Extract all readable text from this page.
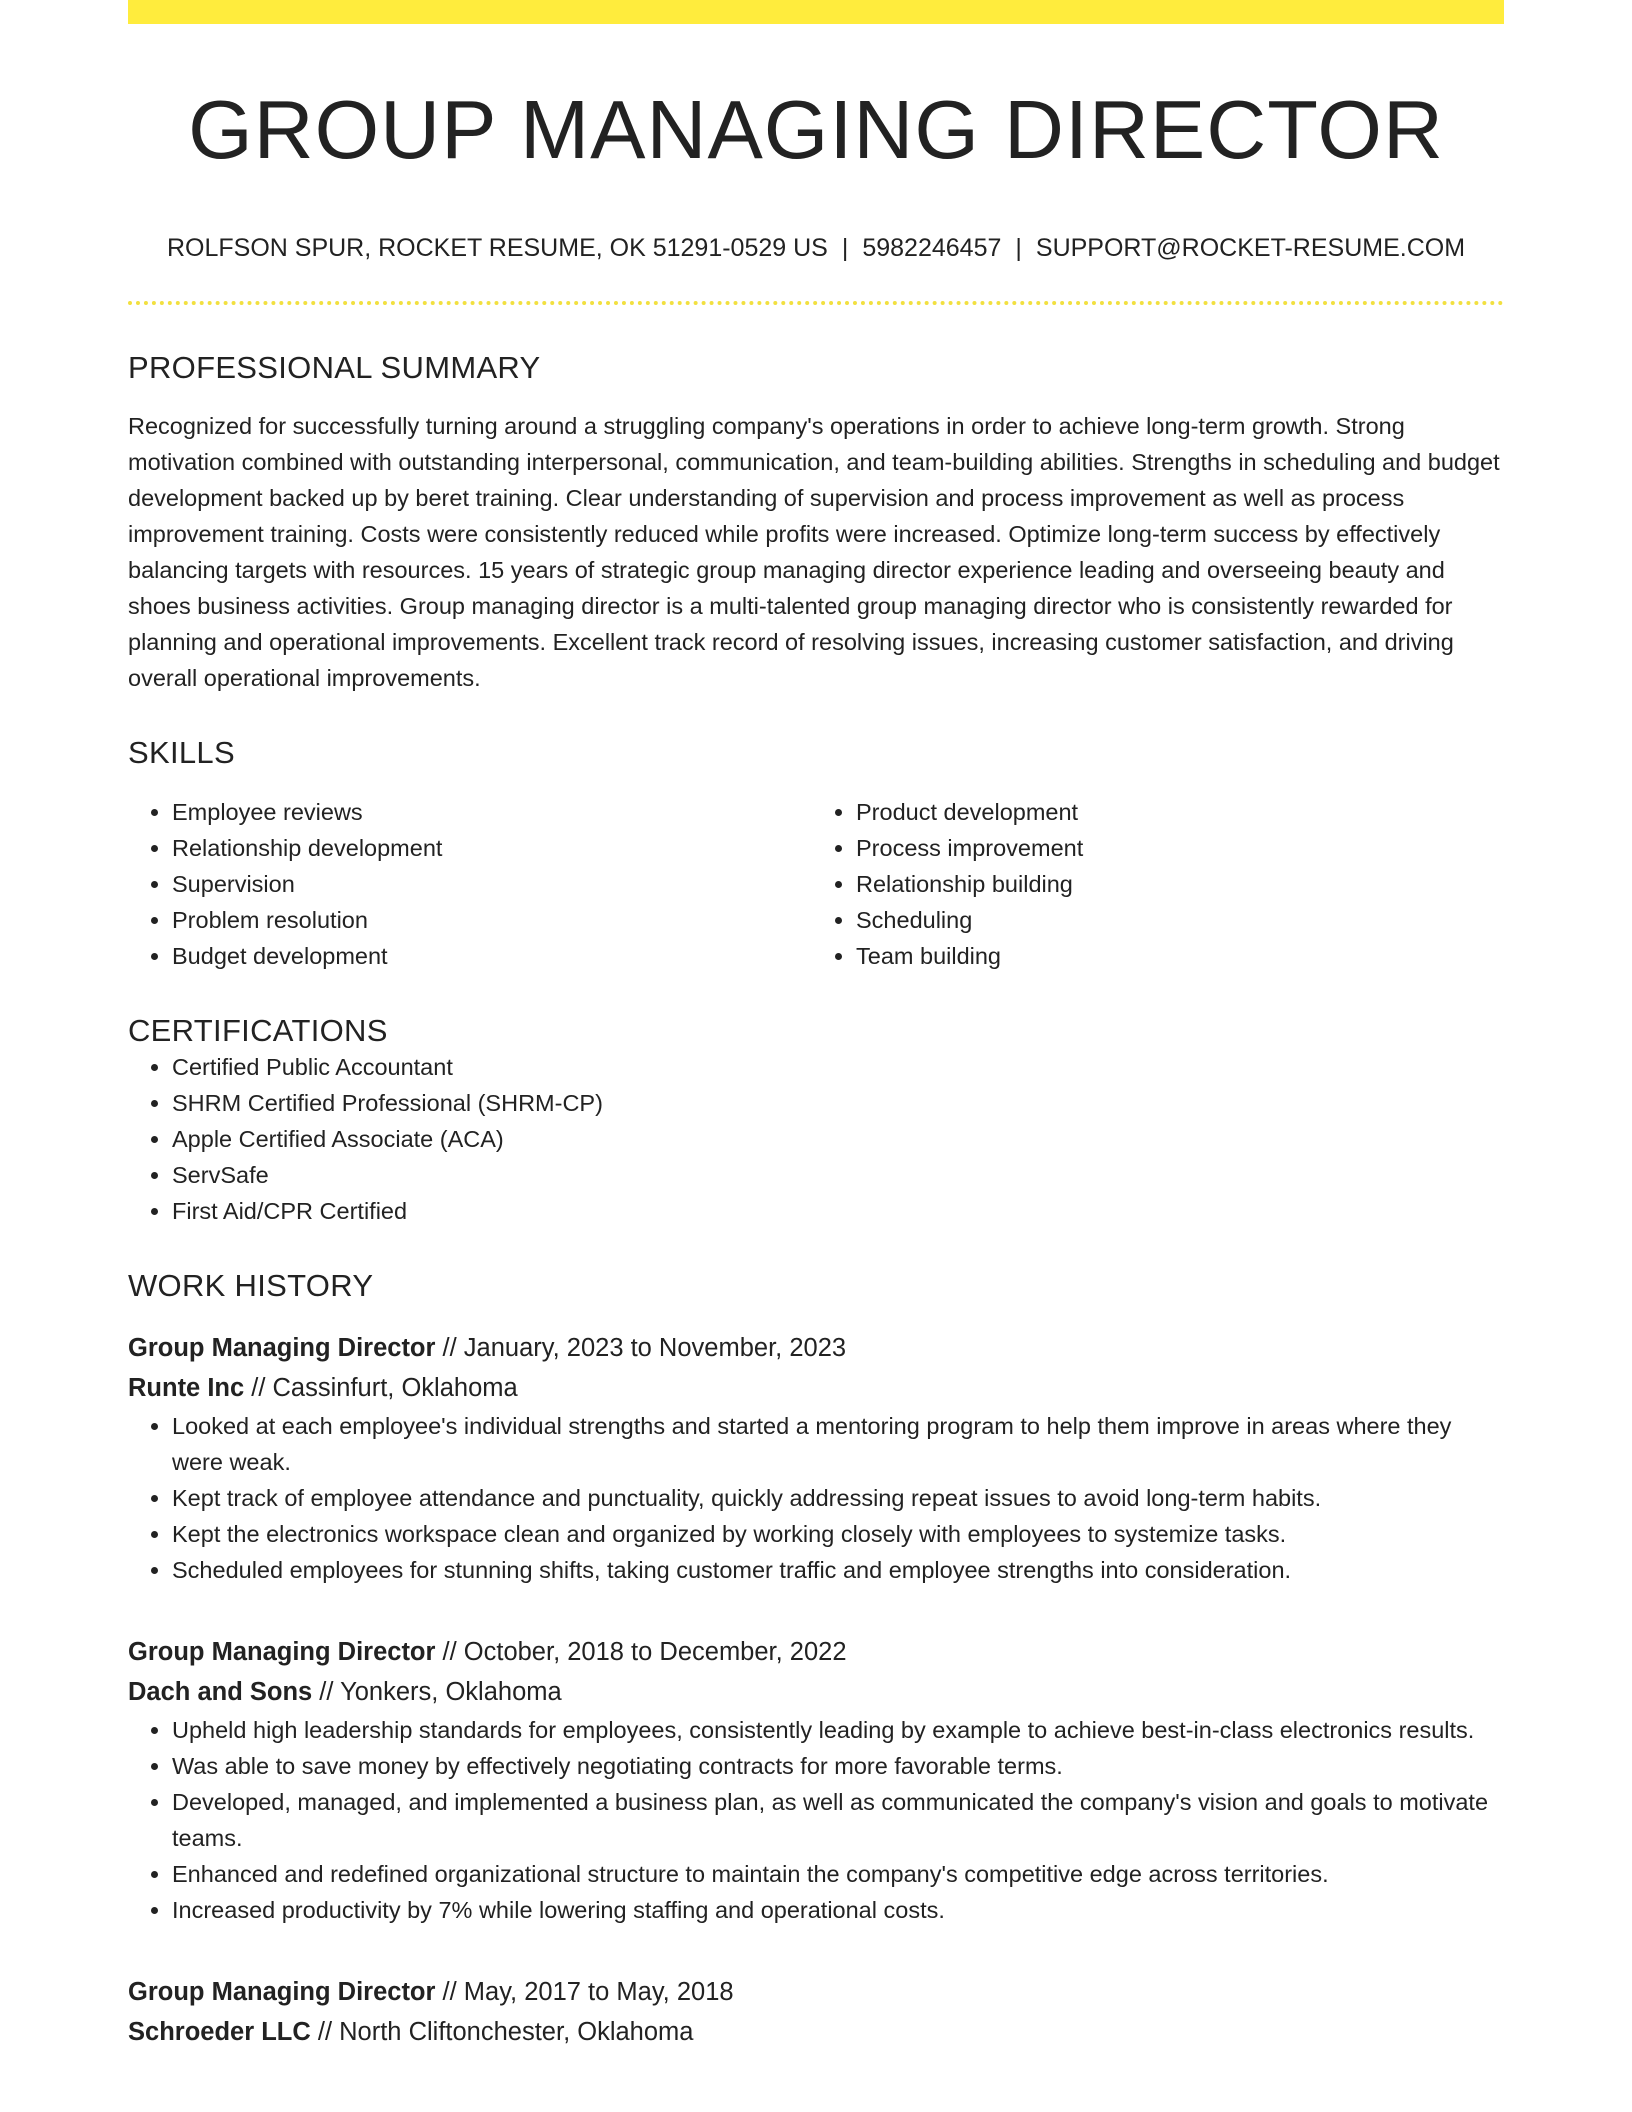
GROUP MANAGING DIRECTOR
ROLFSON SPUR, ROCKET RESUME, OK 51291-0529 US | 5982246457 | SUPPORT@ROCKET-RESUME.COM
PROFESSIONAL SUMMARY
Recognized for successfully turning around a struggling company's operations in order to achieve long-term growth. Strong motivation combined with outstanding interpersonal, communication, and team-building abilities. Strengths in scheduling and budget development backed up by beret training. Clear understanding of supervision and process improvement as well as process improvement training. Costs were consistently reduced while profits were increased. Optimize long-term success by effectively balancing targets with resources. 15 years of strategic group managing director experience leading and overseeing beauty and shoes business activities. Group managing director is a multi-talented group managing director who is consistently rewarded for planning and operational improvements. Excellent track record of resolving issues, increasing customer satisfaction, and driving overall operational improvements.
SKILLS
• Employee reviews
• Relationship development
• Supervision
• Problem resolution
• Budget development
• Product development
• Process improvement
• Relationship building
• Scheduling
• Team building
CERTIFICATIONS
• Certified Public Accountant
• SHRM Certified Professional (SHRM-CP)
• Apple Certified Associate (ACA)
• ServSafe
• First Aid/CPR Certified
WORK HISTORY
Group Managing Director // January, 2023 to November, 2023
Runte Inc // Cassinfurt, Oklahoma
• Looked at each employee's individual strengths and started a mentoring program to help them improve in areas where they were weak.
• Kept track of employee attendance and punctuality, quickly addressing repeat issues to avoid long-term habits.
• Kept the electronics workspace clean and organized by working closely with employees to systemize tasks.
• Scheduled employees for stunning shifts, taking customer traffic and employee strengths into consideration.
Group Managing Director // October, 2018 to December, 2022
Dach and Sons // Yonkers, Oklahoma
• Upheld high leadership standards for employees, consistently leading by example to achieve best-in-class electronics results.
• Was able to save money by effectively negotiating contracts for more favorable terms.
• Developed, managed, and implemented a business plan, as well as communicated the company's vision and goals to motivate teams.
• Enhanced and redefined organizational structure to maintain the company's competitive edge across territories.
• Increased productivity by 7% while lowering staffing and operational costs.
Group Managing Director // May, 2017 to May, 2018
Schroeder LLC // North Cliftonchester, Oklahoma
